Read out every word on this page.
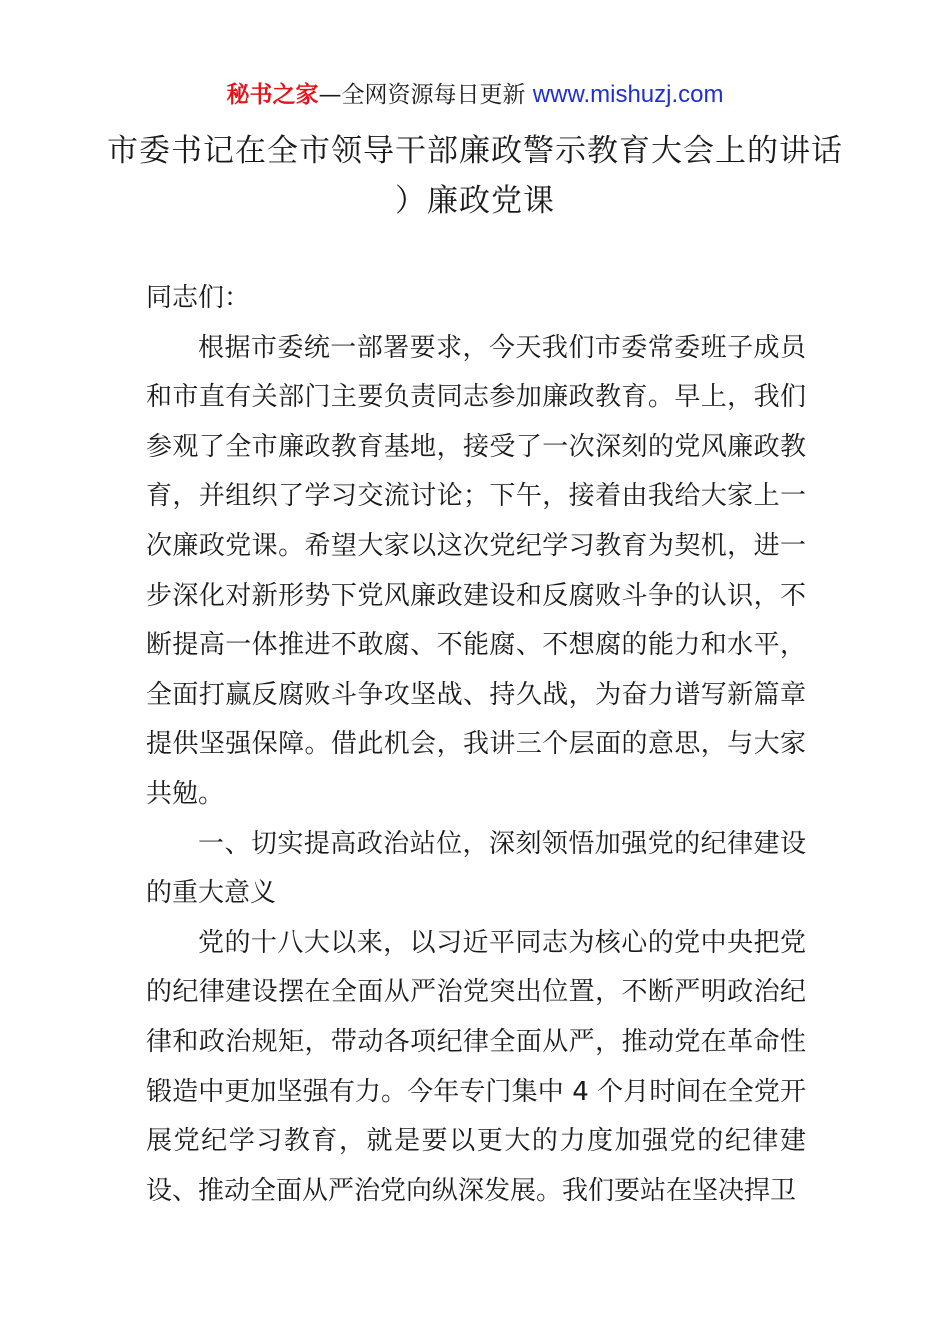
秘书之家—全网资源每日更新 www.mishuzj.com
市委书记在全市领导干部廉政警示教育大会上的讲话 ）廉政党课

同志们：

根据市委统一部署要求，今天我们市委常委班子成员和市直有关部门主要负责同志参加廉政教育。早上，我们参观了全市廉政教育基地，接受了一次深刻的党风廉政教育，并组织了学习交流讨论；下午，接着由我给大家上一次廉政党课。希望大家以这次党纪学习教育为契机，进一步深化对新形势下党风廉政建设和反腐败斗争的认识，不断提高一体推进不敢腐、不能腐、不想腐的能力和水平，全面打赢反腐败斗争攻坚战、持久战，为奋力谱写新篇章提供坚强保障。借此机会，我讲三个层面的意思，与大家共勉。

一、切实提高政治站位，深刻领悟加强党的纪律建设的重大意义

党的十八大以来，以习近平同志为核心的党中央把党的纪律建设摆在全面从严治党突出位置，不断严明政治纪律和政治规矩，带动各项纪律全面从严，推动党在革命性锻造中更加坚强有力。今年专门集中 4 个月时间在全党开展党纪学习教育，就是要以更大的力度加强党的纪律建设、推动全面从严治党向纵深发展。我们要站在坚决捍卫
